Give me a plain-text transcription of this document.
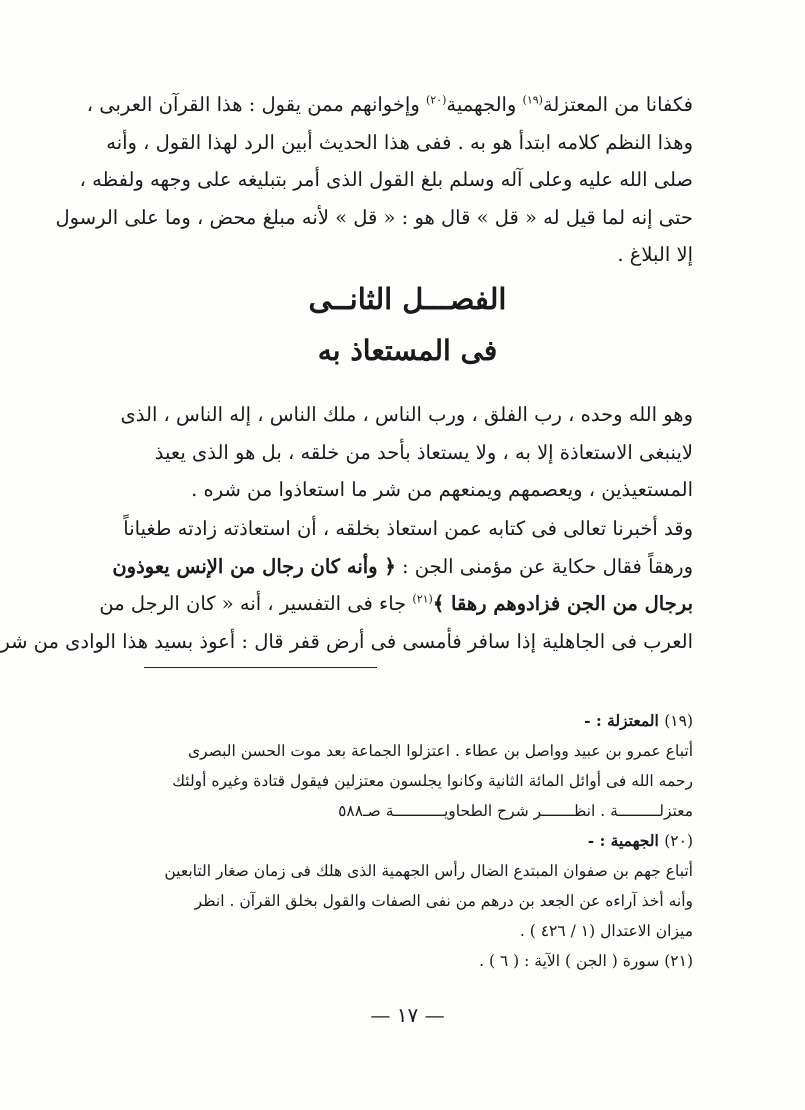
فكفانا من المعتزلة$^{(١٩)}$ والجهمية$^{(٢٠)}$ وإخوانهم ممن يقول : هذا القرآن العربى ،
وهذا النظم كلامه ابتدأ هو به . ففى هذا الحديث أبين الرد لهذا القول ، وأنه
صلى الله عليه وعلى آله وسلم بلغ القول الذى أمر بتبليغه على وجهه ولفظه ،
حتى إنه لما قيل له « قل » قال هو : « قل » لأنه مبلغ محض ، وما على الرسول
إلا البلاغ .
الفصـــل الثانــى
فى المستعاذ به
وهو الله وحده ، رب الفلق ، ورب الناس ، ملك الناس ، إله الناس ، الذى
لاينبغى الاستعاذة إلا به ، ولا يستعاذ بأحد من خلقه ، بل هو الذى يعيذ
المستعيذين ، ويعصمهم ويمنعهم من شر ما استعاذوا من شره .
وقد أخبرنا تعالى فى كتابه عمن استعاذ بخلقه ، أن استعاذته زادته طغياناً
ورهقاً فقال حكاية عن مؤمنى الجن : ﴿ وأنه كان رجال من الإنس يعوذون
برجال من الجن فزادوهم رهقا ﴾$^{(٢١)}$ جاء فى التفسير ، أنه « كان الرجل من
العرب فى الجاهلية إذا سافر فأمسى فى أرض قفر قال : أعوذ بسيد هذا الوادى من شر
(١٩) المعتزلة : -
أتباع عمرو بن عبيد وواصل بن عطاء . اعتزلوا الجماعة بعد موت الحسن البصرى
رحمه الله فى أوائل المائة الثانية وكانوا يجلسون معتزلين فيقول قتادة وغيره أولئك
معتزلـــــــــة . انظـــــــر شرح الطحاويـــــــــــة صـ٥٨٨
(٢٠) الجهمية : -
أتباع جهم بن صفوان المبتدع الضال رأس الجهمية الذى هلك فى زمان صغار التابعين
وأنه أخذ آراءه عن الجعد بن درهم من نفى الصفات والقول بخلق القرآن . انظر
ميزان الاعتدال (١ / ٤٢٦ ) .
(٢١) سورة ( الجن ) الآية : ( ٦ ) .
— ١٧ —
